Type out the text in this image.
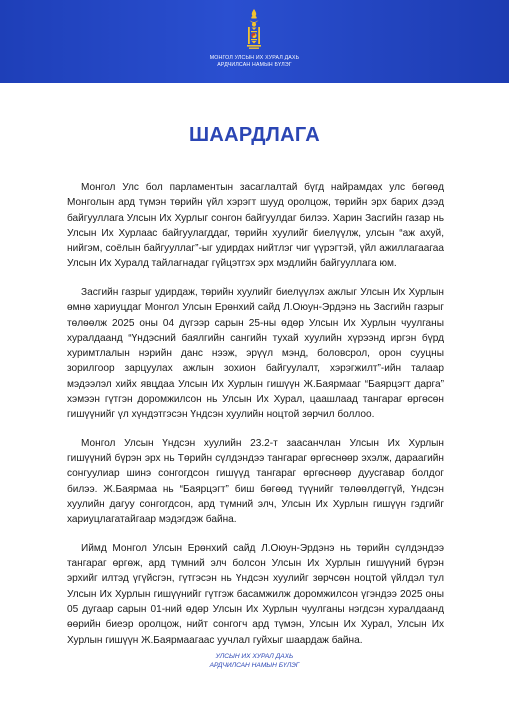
МОНГОЛ УЛСЫН ИХ ХУРАЛ ДАХЬ
АРДЧИЛСАН НАМЫН БҮЛЭГ
ШААРДЛАГА

Монгол Улс бол парламентын засаглалтай бүгд найрамдах улс бөгөөд Монголын ард түмэн төрийн үйл хэрэгт шууд оролцож, төрийн эрх барих дээд байгууллага Улсын Их Хурлыг сонгон байгуулдаг билээ. Харин Засгийн газар нь Улсын Их Хурлаас байгуулагддаг, төрийн хуулийг биелүүлж, улсын “аж ахуй, нийгэм, соёлын байгууллаг”-ыг удирдах нийтлэг чиг үүрэгтэй, үйл ажиллагаагаа Улсын Их Хуралд тайлагнадаг гүйцэтгэх эрх мэдлийн байгууллага юм.

Засгийн газрыг удирдаж, төрийн хуулийг биелүүлэх ажлыг Улсын Их Хурлын өмнө хариуцдаг Монгол Улсын Ерөнхий сайд Л.Оюун-Эрдэнэ нь Засгийн газрыг төлөөлж 2025 оны 04 дүгээр сарын 25-ны өдөр Улсын Их Хурлын чуулганы хуралдаанд “Үндэсний баялгийн сангийн тухай хуулийн хүрээнд иргэн бүрд хуримтлалын нэрийн данс нээж, эрүүл мэнд, боловсрол, орон сууцны зорилгоор зарцуулах ажлын зохион байгуулалт, хэрэгжилт”-ийн талаар мэдээлэл хийх явцдаа Улсын Их Хурлын гишүүн Ж.Баярмааг “Баярцэгт дарга” хэмээн гүтгэн доромжилсон нь Улсын Их Хурал, цаашлаад тангараг өргөсөн гишүүнийг үл хүндэтгэсэн Үндсэн хуулийн ноцтой зөрчил боллоо.

Монгол Улсын Үндсэн хуулийн 23.2-т заасанчлан Улсын Их Хурлын гишүүний бүрэн эрх нь Төрийн сүлдэндээ тангараг өргөснөөр эхэлж, дараагийн сонгуулиар шинэ сонгогдсон гишүүд тангараг өргөснөөр дуусгавар болдог билээ. Ж.Баярмаа нь “Баярцэгт” биш бөгөөд түүнийг төлөөлдөггүй, Үндсэн хуулийн дагуу сонгогдсон, ард түмний элч, Улсын Их Хурлын гишүүн гэдгийг хариуцлагатайгаар мэдэгдэж байна.

Иймд Монгол Улсын Ерөнхий сайд Л.Оюун-Эрдэнэ нь төрийн сүлдэндээ тангараг өргөж, ард түмний элч болсон Улсын Их Хурлын гишүүний бүрэн эрхийг илтэд үгүйсгэн, гүтгэсэн нь Үндсэн хуулийг зөрчсөн ноцтой үйлдэл тул Улсын Их Хурлын гишүүнийг гүтгэж басамжилж доромжилсон үгэндээ 2025 оны 05 дугаар сарын 01-ний өдөр Улсын Их Хурлын чуулганы нэгдсэн хуралдаанд өөрийн биеэр оролцож, нийт сонгогч ард түмэн, Улсын Их Хурал, Улсын Их Хурлын гишүүн Ж.Баярмаагаас уучлал гуйхыг шаардаж байна.

УЛСЫН ИХ ХУРАЛ ДАХЬ
АРДЧИЛСАН НАМЫН БҮЛЭГ
